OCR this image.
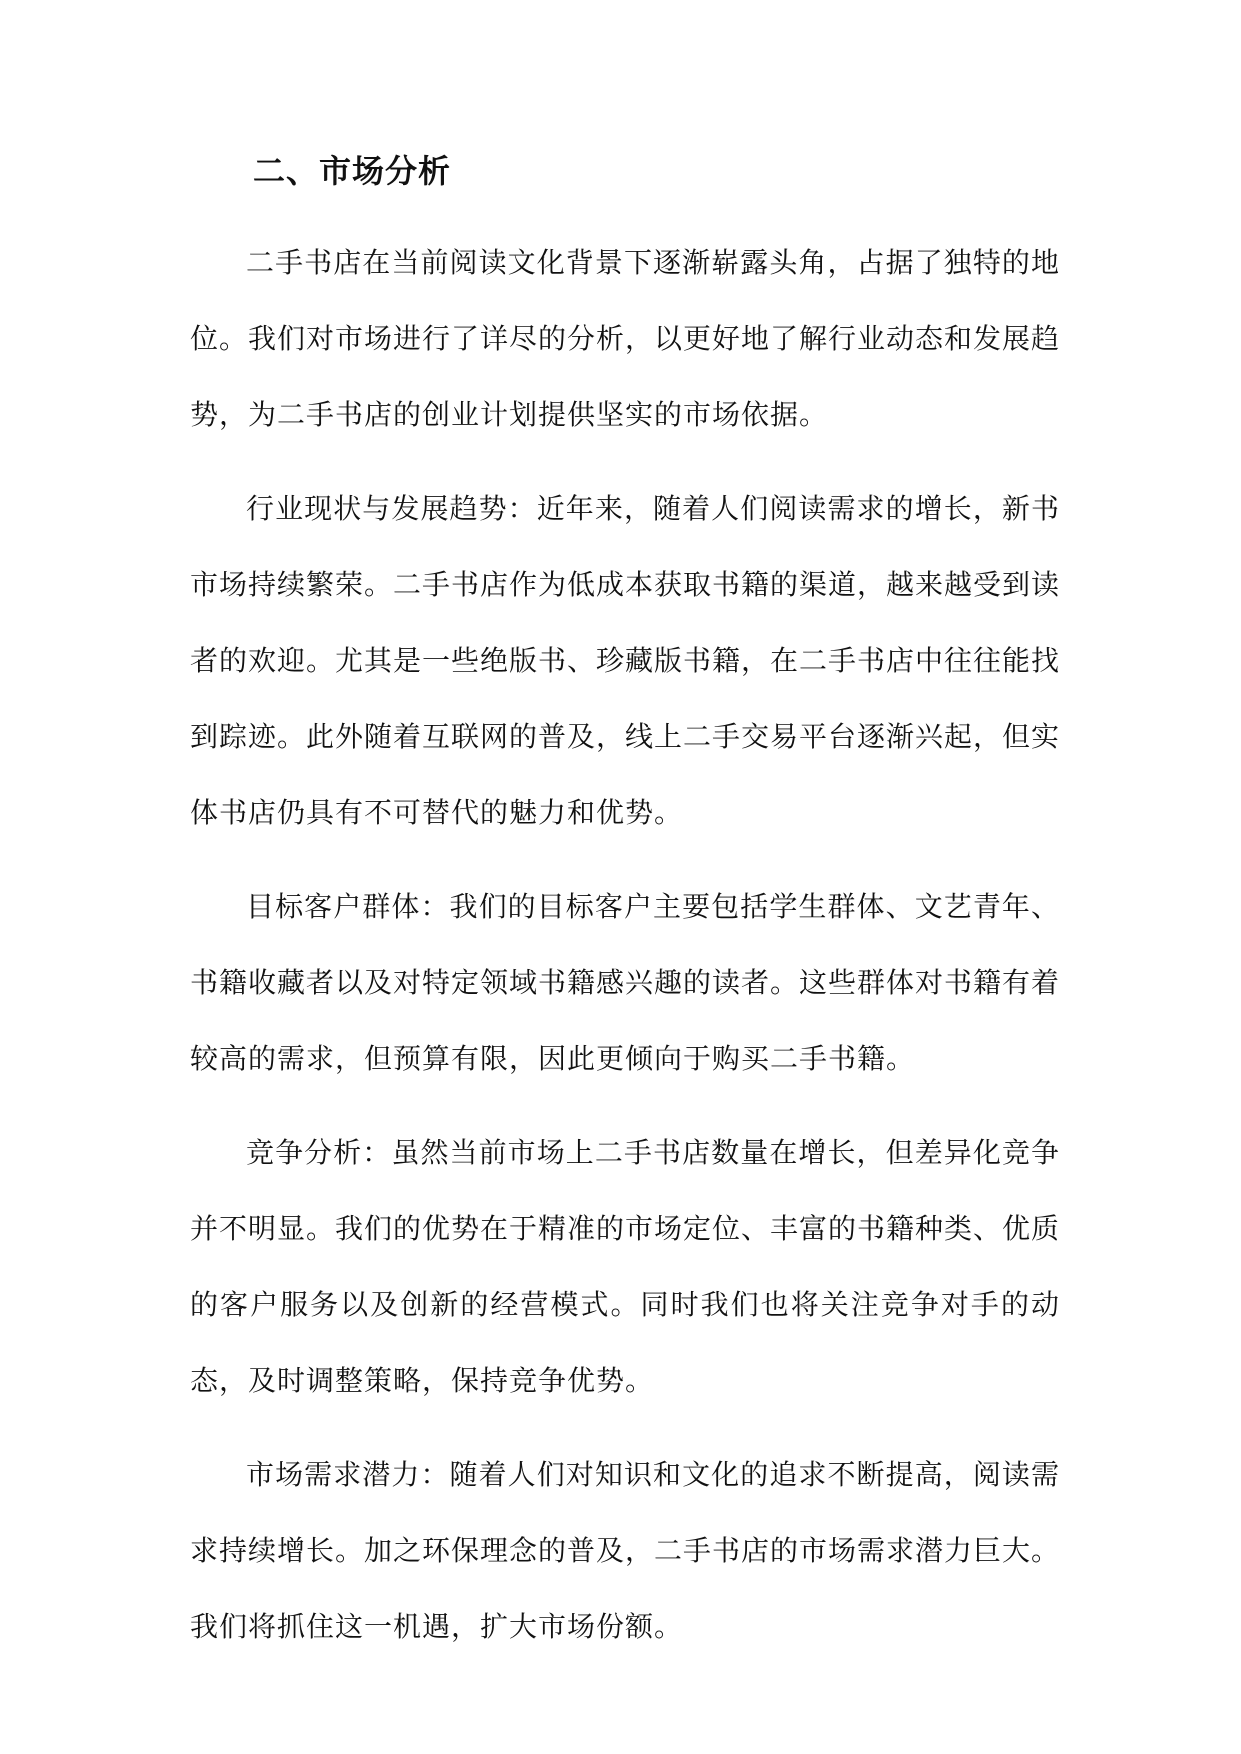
二、市场分析

二手书店在当前阅读文化背景下逐渐崭露头角，占据了独特的地位。我们对市场进行了详尽的分析，以更好地了解行业动态和发展趋势，为二手书店的创业计划提供坚实的市场依据。

行业现状与发展趋势：近年来，随着人们阅读需求的增长，新书市场持续繁荣。二手书店作为低成本获取书籍的渠道，越来越受到读者的欢迎。尤其是一些绝版书、珍藏版书籍，在二手书店中往往能找到踪迹。此外随着互联网的普及，线上二手交易平台逐渐兴起，但实体书店仍具有不可替代的魅力和优势。

目标客户群体：我们的目标客户主要包括学生群体、文艺青年、书籍收藏者以及对特定领域书籍感兴趣的读者。这些群体对书籍有着较高的需求，但预算有限，因此更倾向于购买二手书籍。

竞争分析：虽然当前市场上二手书店数量在增长，但差异化竞争并不明显。我们的优势在于精准的市场定位、丰富的书籍种类、优质的客户服务以及创新的经营模式。同时我们也将关注竞争对手的动态，及时调整策略，保持竞争优势。

市场需求潜力：随着人们对知识和文化的追求不断提高，阅读需求持续增长。加之环保理念的普及，二手书店的市场需求潜力巨大。我们将抓住这一机遇，扩大市场份额。
